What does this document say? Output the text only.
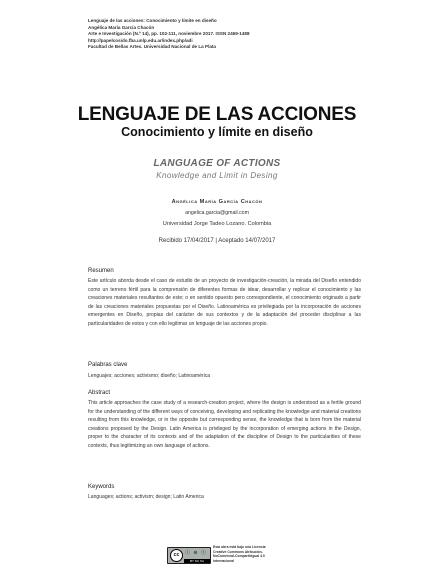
Lenguaje de las acciones: Conocimiento y límite en diseño
Angélica María García Chacón
Arte e Investigación (N.º 14), pp. 102-111, noviembre 2017. ISSN 2469-1488
http://papelcosido.fba.unlp.edu.ar/index.php/adi
Facultad de Bellas Artes. Universidad Nacional de La Plata
LENGUAJE DE LAS ACCIONES
Conocimiento y límite en diseño
LANGUAGE OF ACTIONS
Knowledge and Limit in Desing
Angélica María García Chacón
angelica.garcia@gmail.com
Universidad Jorge Tadeo Lozano. Colombia
Recibido 17/04/2017 | Aceptado 14/07/2017
Resumen
Este artículo aborda desde el caso de estudio de un proyecto de investigación-creación, la mirada del Diseño entendido como un terreno fértil para la comprensión de diferentes formas de idear, desarrollar y replicar el conocimiento y las creaciones materiales resultantes de este; o en sentido opuesto pero correspondiente, el conocimiento originado a partir de las creaciones materiales propuestas por el Diseño. Latinoamérica es privilegiada por la incorporación de acciones emergentes en Diseño, propias del carácter de sus contextos y de la adaptación del proceder disciplinar a las particularidades de estos y con ello legitimar un lenguaje de las acciones propio.
Palabras clave
Lenguajes; acciones; activismo; diseño; Latinoamérica
Abstract
This article approaches the case study of a research-creation project, where the design is understood as a fertile ground for the understanding of the different ways of conceiving, developing and replicating the knowledge and material creations resulting from this knowledge, or in the opposite but corresponding sense, the knowledge that is born from the material creations proposed by the Design. Latin America is privileged by the incorporation of emerging actions in the Design, proper to the character of its contexts and of the adaptation of the discipline of Design to the particularities of these contexts, thus legitimizing an own language of actions.
Keywords
Languages; actions; activism; design; Latin America
cc	ⓘ ⊜ ⓢ
BY NC SA
Esta obra está bajo una Licencia Creative Commons Atribución-NoComercial-CompartirIgual 4.0 Internacional
